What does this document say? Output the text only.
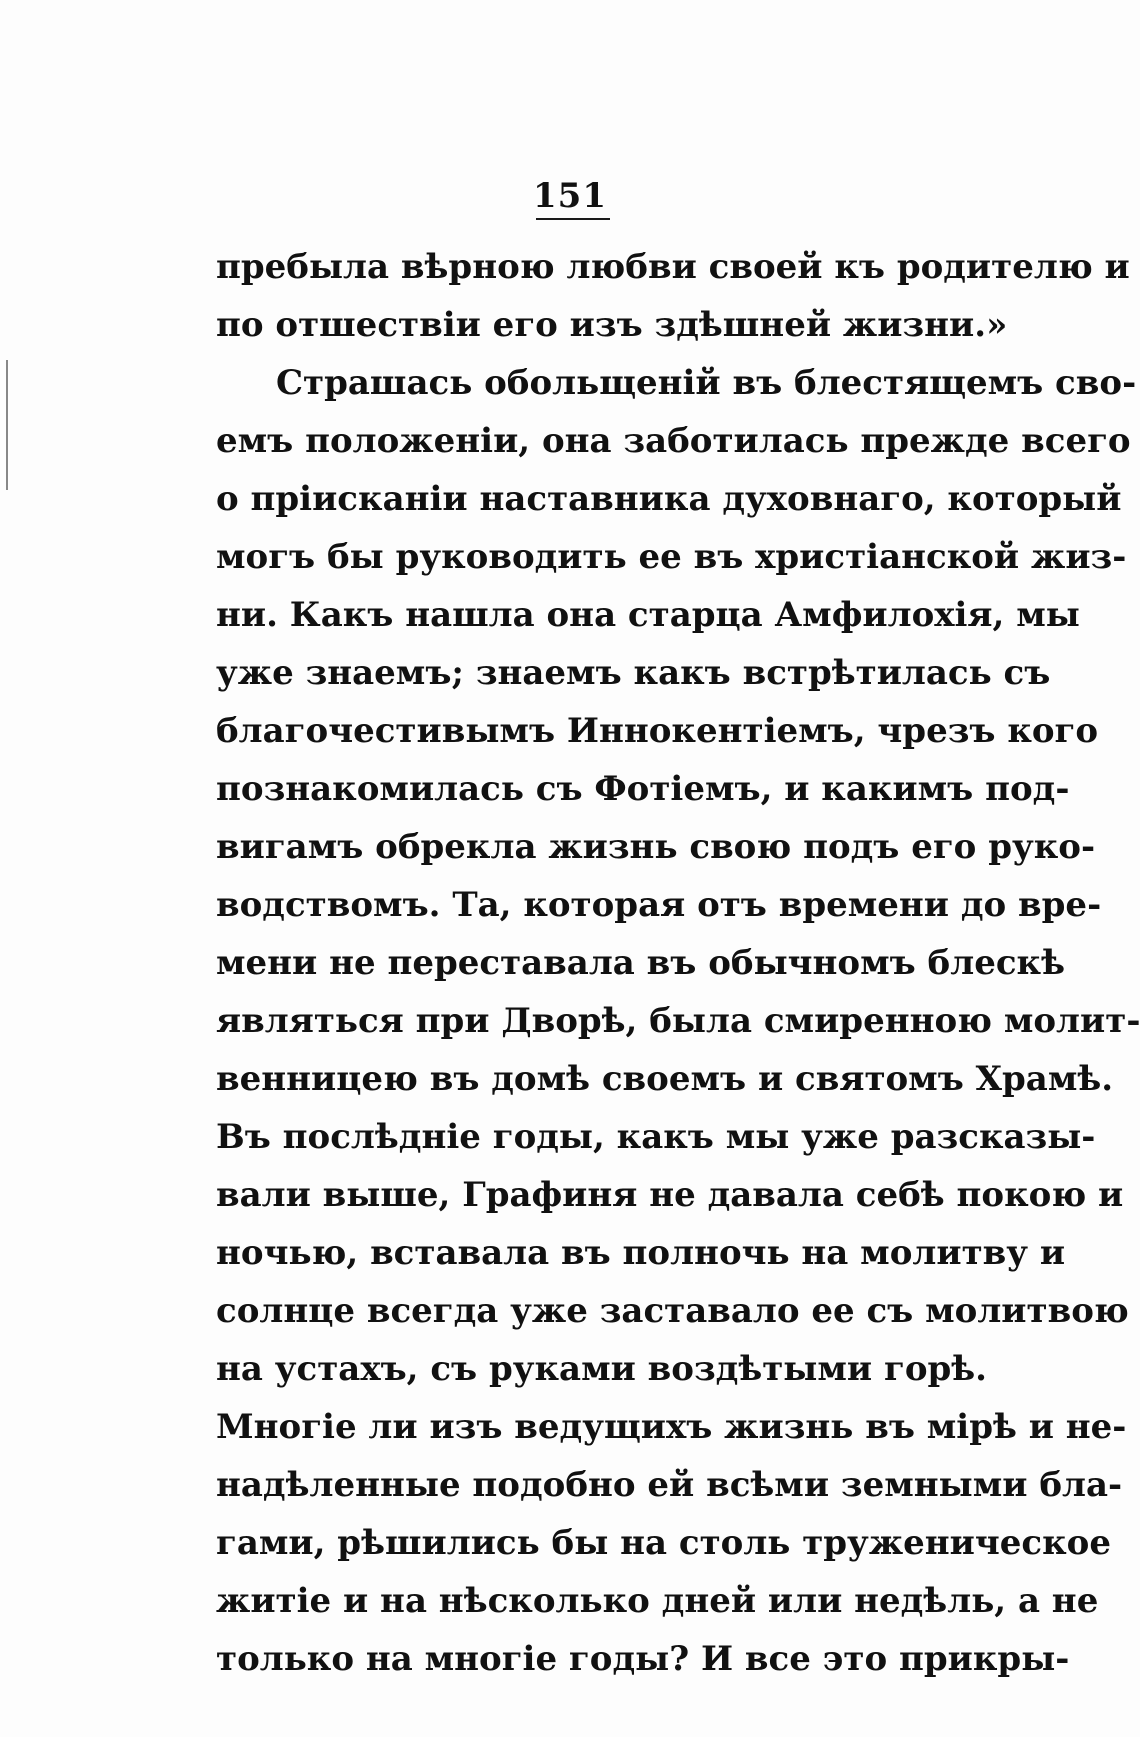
151
пребыла вѣрною любви своей къ родителю и
по отшествіи его изъ здѣшней жизни.»
Страшась обольщеній въ блестящемъ сво-
емъ положеніи, она заботилась прежде всего
о пріисканіи наставника духовнаго, который
могъ бы руководить ее въ христіанской жиз-
ни. Какъ нашла она старца Амфилохія, мы
уже знаемъ; знаемъ какъ встрѣтилась съ
благочестивымъ Иннокентіемъ, чрезъ кого
познакомилась съ Фотіемъ, и какимъ под-
вигамъ обрекла жизнь свою подъ его руко-
водствомъ. Та, которая отъ времени до вре-
мени не переставала въ обычномъ блескѣ
являться при Дворѣ, была смиренною молит-
венницею въ домѣ своемъ и святомъ Храмѣ.
Въ послѣдніе годы, какъ мы уже разсказы-
вали выше, Графиня не давала себѣ покою и
ночью, вставала въ полночь на молитву и
солнце всегда уже заставало ее съ молитвою
на устахъ, съ руками воздѣтыми горѣ.
Многіе ли изъ ведущихъ жизнь въ мірѣ и не-
надѣленные подобно ей всѣми земными бла-
гами, рѣшились бы на столь труженическое
житіе и на нѣсколько дней или недѣль, а не
только на многіе годы? И все это прикры-
